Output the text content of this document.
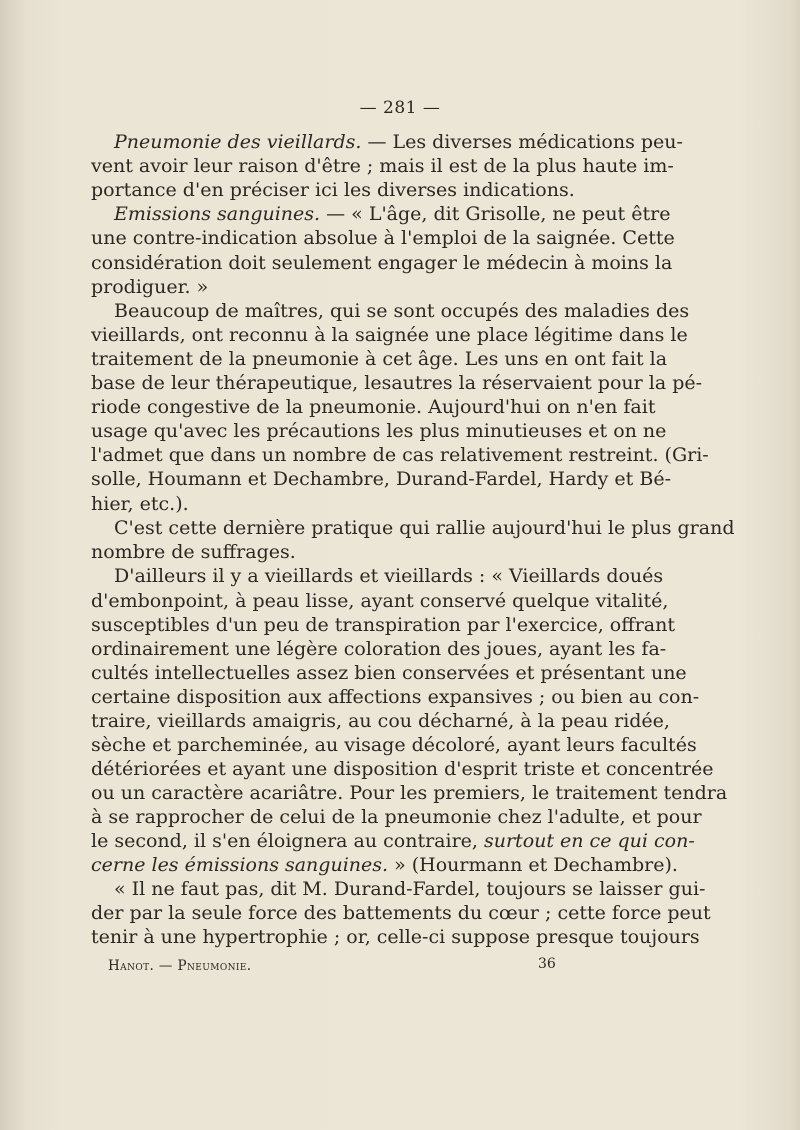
— 281 —
Pneumonie des vieillards. — Les diverses médications peu-
vent avoir leur raison d'être ; mais il est de la plus haute im-
portance d'en préciser ici les diverses indications.
Emissions sanguines. — « L'âge, dit Grisolle, ne peut être
une contre-indication absolue à l'emploi de la saignée. Cette
considération doit seulement engager le médecin à moins la
prodiguer. »
Beaucoup de maîtres, qui se sont occupés des maladies des
vieillards, ont reconnu à la saignée une place légitime dans le
traitement de la pneumonie à cet âge. Les uns en ont fait la
base de leur thérapeutique, lesautres la réservaient pour la pé-
riode congestive de la pneumonie. Aujourd'hui on n'en fait
usage qu'avec les précautions les plus minutieuses et on ne
l'admet que dans un nombre de cas relativement restreint. (Gri-
solle, Houmann et Dechambre, Durand-Fardel, Hardy et Bé-
hier, etc.).
C'est cette dernière pratique qui rallie aujourd'hui le plus grand
nombre de suffrages.
D'ailleurs il y a vieillards et vieillards : « Vieillards doués
d'embonpoint, à peau lisse, ayant conservé quelque vitalité,
susceptibles d'un peu de transpiration par l'exercice, offrant
ordinairement une légère coloration des joues, ayant les fa-
cultés intellectuelles assez bien conservées et présentant une
certaine disposition aux affections expansives ; ou bien au con-
traire, vieillards amaigris, au cou décharné, à la peau ridée,
sèche et parcheminée, au visage décoloré, ayant leurs facultés
détériorées et ayant une disposition d'esprit triste et concentrée
ou un caractère acariâtre. Pour les premiers, le traitement tendra
à se rapprocher de celui de la pneumonie chez l'adulte, et pour
le second, il s'en éloignera au contraire, surtout en ce qui con-
cerne les émissions sanguines. » (Hourmann et Dechambre).
« Il ne faut pas, dit M. Durand-Fardel, toujours se laisser gui-
der par la seule force des battements du cœur ; cette force peut
tenir à une hypertrophie ; or, celle-ci suppose presque toujours
Hanot. — Pneumonie.	36
